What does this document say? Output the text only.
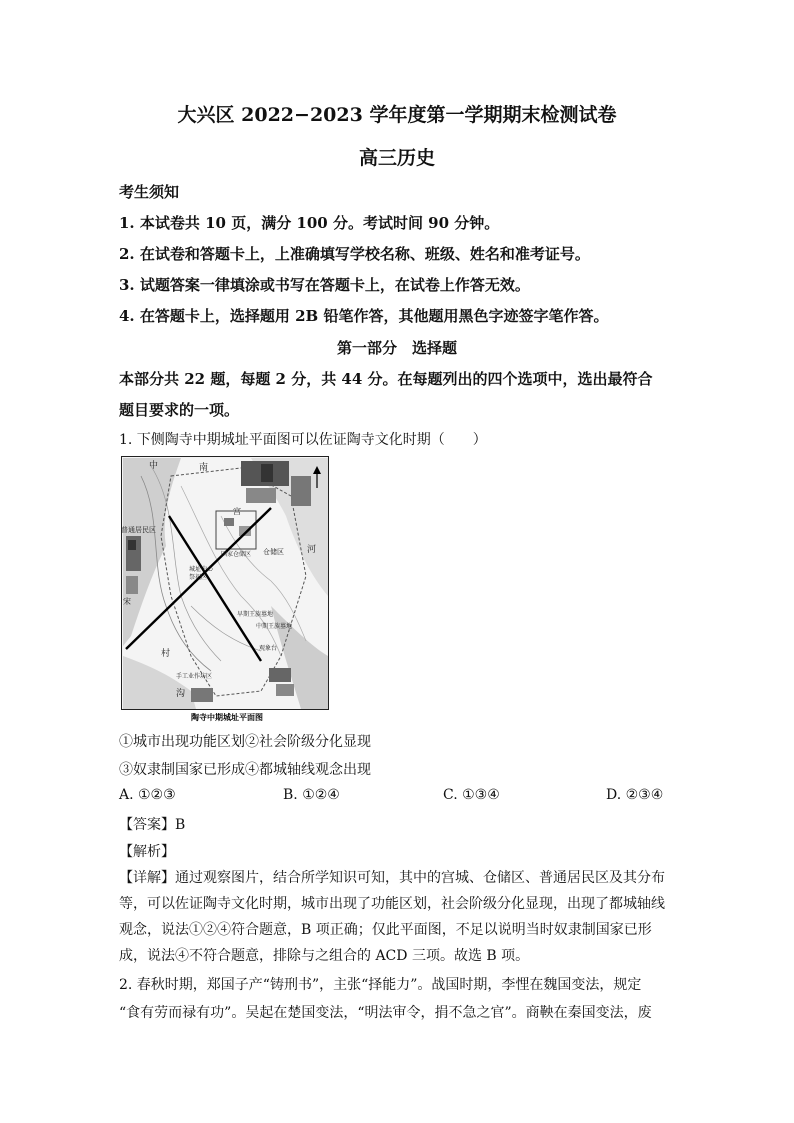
大兴区 2022−2023 学年度第一学期期末检测试卷
高三历史
考生须知
1. 本试卷共 10 页，满分 100 分。考试时间 90 分钟。
2. 在试卷和答题卡上，上准确填写学校名称、班级、姓名和准考证号。
3. 试题答案一律填涂或书写在答题卡上，在试卷上作答无效。
4. 在答题卡上，选择题用 2B 铅笔作答，其他题用黑色字迹签字笔作答。
第一部分　选择题
本部分共 22 题，每题 2 分，共 44 分。在每题列出的四个选项中，选出最符合
题目要求的一项。
1. 下侧陶寺中期城址平面图可以佐证陶寺文化时期（　　）
中	南
宫
普通居民区
城址中心
祭祀区
国家仓储区 仓储区	河
宋
村
沟
早期王族墓地
中期王族墓地
观象台
手工业作坊区
陶寺中期城址平面图
①城市出现功能区划②社会阶级分化显现
③奴隶制国家已形成④都城轴线观念出现
A. ①②③	B. ①②④	C. ①③④	D. ②③④
【答案】B
【解析】
【详解】通过观察图片，结合所学知识可知，其中的宫城、仓储区、普通居民区及其分布
等，可以佐证陶寺文化时期，城市出现了功能区划，社会阶级分化显现，出现了都城轴线
观念，说法①②④符合题意，B 项正确；仅此平面图，不足以说明当时奴隶制国家已形
成，说法④不符合题意，排除与之组合的 ACD 三项。故选 B 项。
2. 春秋时期，郑国子产“铸刑书”，主张“择能力”。战国时期，李悝在魏国变法，规定
“食有劳而禄有功”。吴起在楚国变法，“明法审令，捐不急之官”。商鞅在秦国变法，废
